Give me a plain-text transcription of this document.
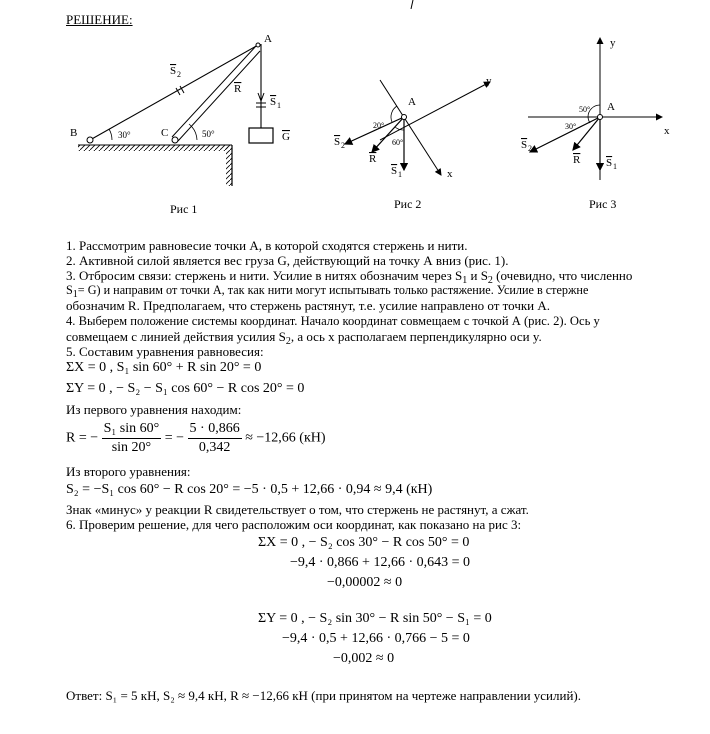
РЕШЕНИЕ:
A
B	C
30°	50°
S 2
R
S 1
G
Рис 1
A
y
x
20°
60°
S 2
R
S 1
Рис 2
A
y
x
50°
30°
S 2
R S 1
Рис 3
1. Рассмотрим равновесие точки А, в которой сходятся стержень и нити.
2. Активной силой является вес груза G, действующий на точку А вниз (рис. 1).
3. Отбросим связи: стержень и нити. Усилие в нитях обозначим через $S_1$ и $S_2$ (очевидно, что численно
$S_1= G$) и направим от точки А, так как нити могут испытывать только растяжение. Усилие в стержне
обозначим R. Предполагаем, что стержень растянут, т.е. усилие направлено от точки А.
4. Выберем положение системы координат. Начало координат совмещаем с точкой А (рис. 2). Ось y
совмещаем с линией действия усилия $S_2$, а ось х располагаем перпендикулярно оси y.
5. Составим уравнения равновесия:
ΣX = 0 , S₁ sin 60° + R sin 20° = 0
ΣY = 0 , − S₂ − S₁ cos 60° − R cos 20° = 0
Из первого уравнения находим:
R = − $\frac{\text{S₁ sin 60°}}{\sin 20^\circ}$ = − $\frac{5 \cdot 0,866}{0,342} \approx -12,66$ (кН)
Из второго уравнения:
S₂ = −S₁ cos 60° − R cos 20° = −5 · 0,5 + 12,66 · 0,94 ≈ 9,4 (кН)
Знак «минус» у реакции R свидетельствует о том, что стержень не растянут, а сжат.
6. Проверим решение, для чего расположим оси координат, как показано на рис 3:
ΣX = 0 , − S₂ cos 30° − R cos 50° = 0
−9,4 · 0,866 + 12,66 · 0,643 = 0
−0,00002 ≈ 0
ΣY = 0 , − S₂ sin 30° − R sin 50° − S₁ = 0
−9,4 · 0,5 + 12,66 · 0,766 − 5 = 0
−0,002 ≈ 0
Ответ: S₁ = 5 кН, S₂ ≈ 9,4 кН, R ≈ −12,66 кН (при принятом на чертеже направлении усилий).
